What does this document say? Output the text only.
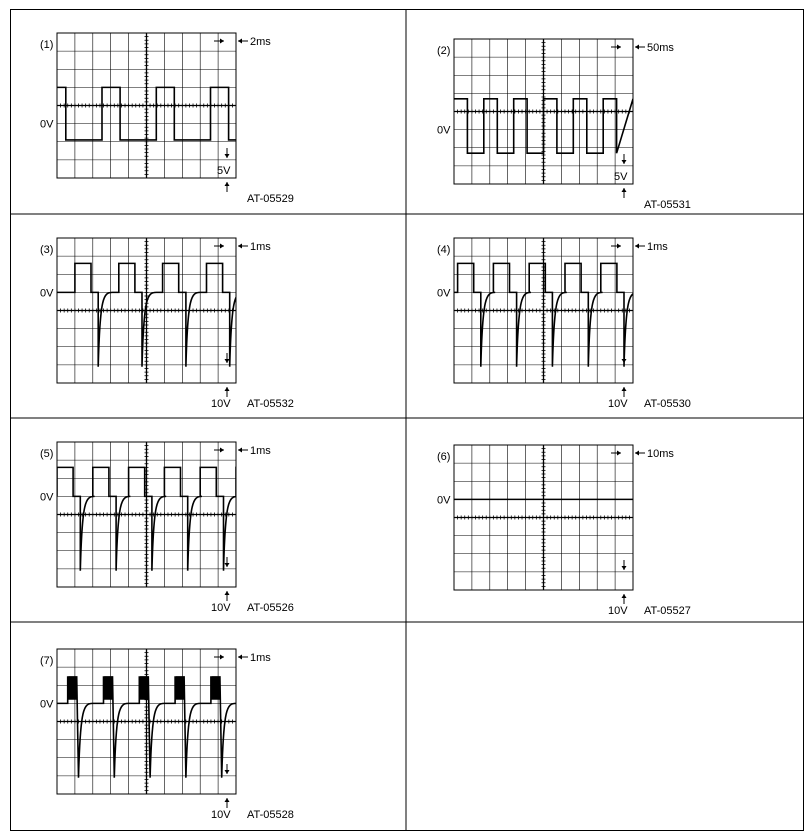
(1)
0V
2ms
5V
AT-05529
(2)
0V
50ms
5V
AT-05531
(3)
0V
1ms
10V AT-05532
(4)
0V
1ms
10V AT-05530
(5)
0V
1ms
10V AT-05526
(6)
0V
10ms
10V AT-05527
(7)
0V
1ms
10V AT-05528
